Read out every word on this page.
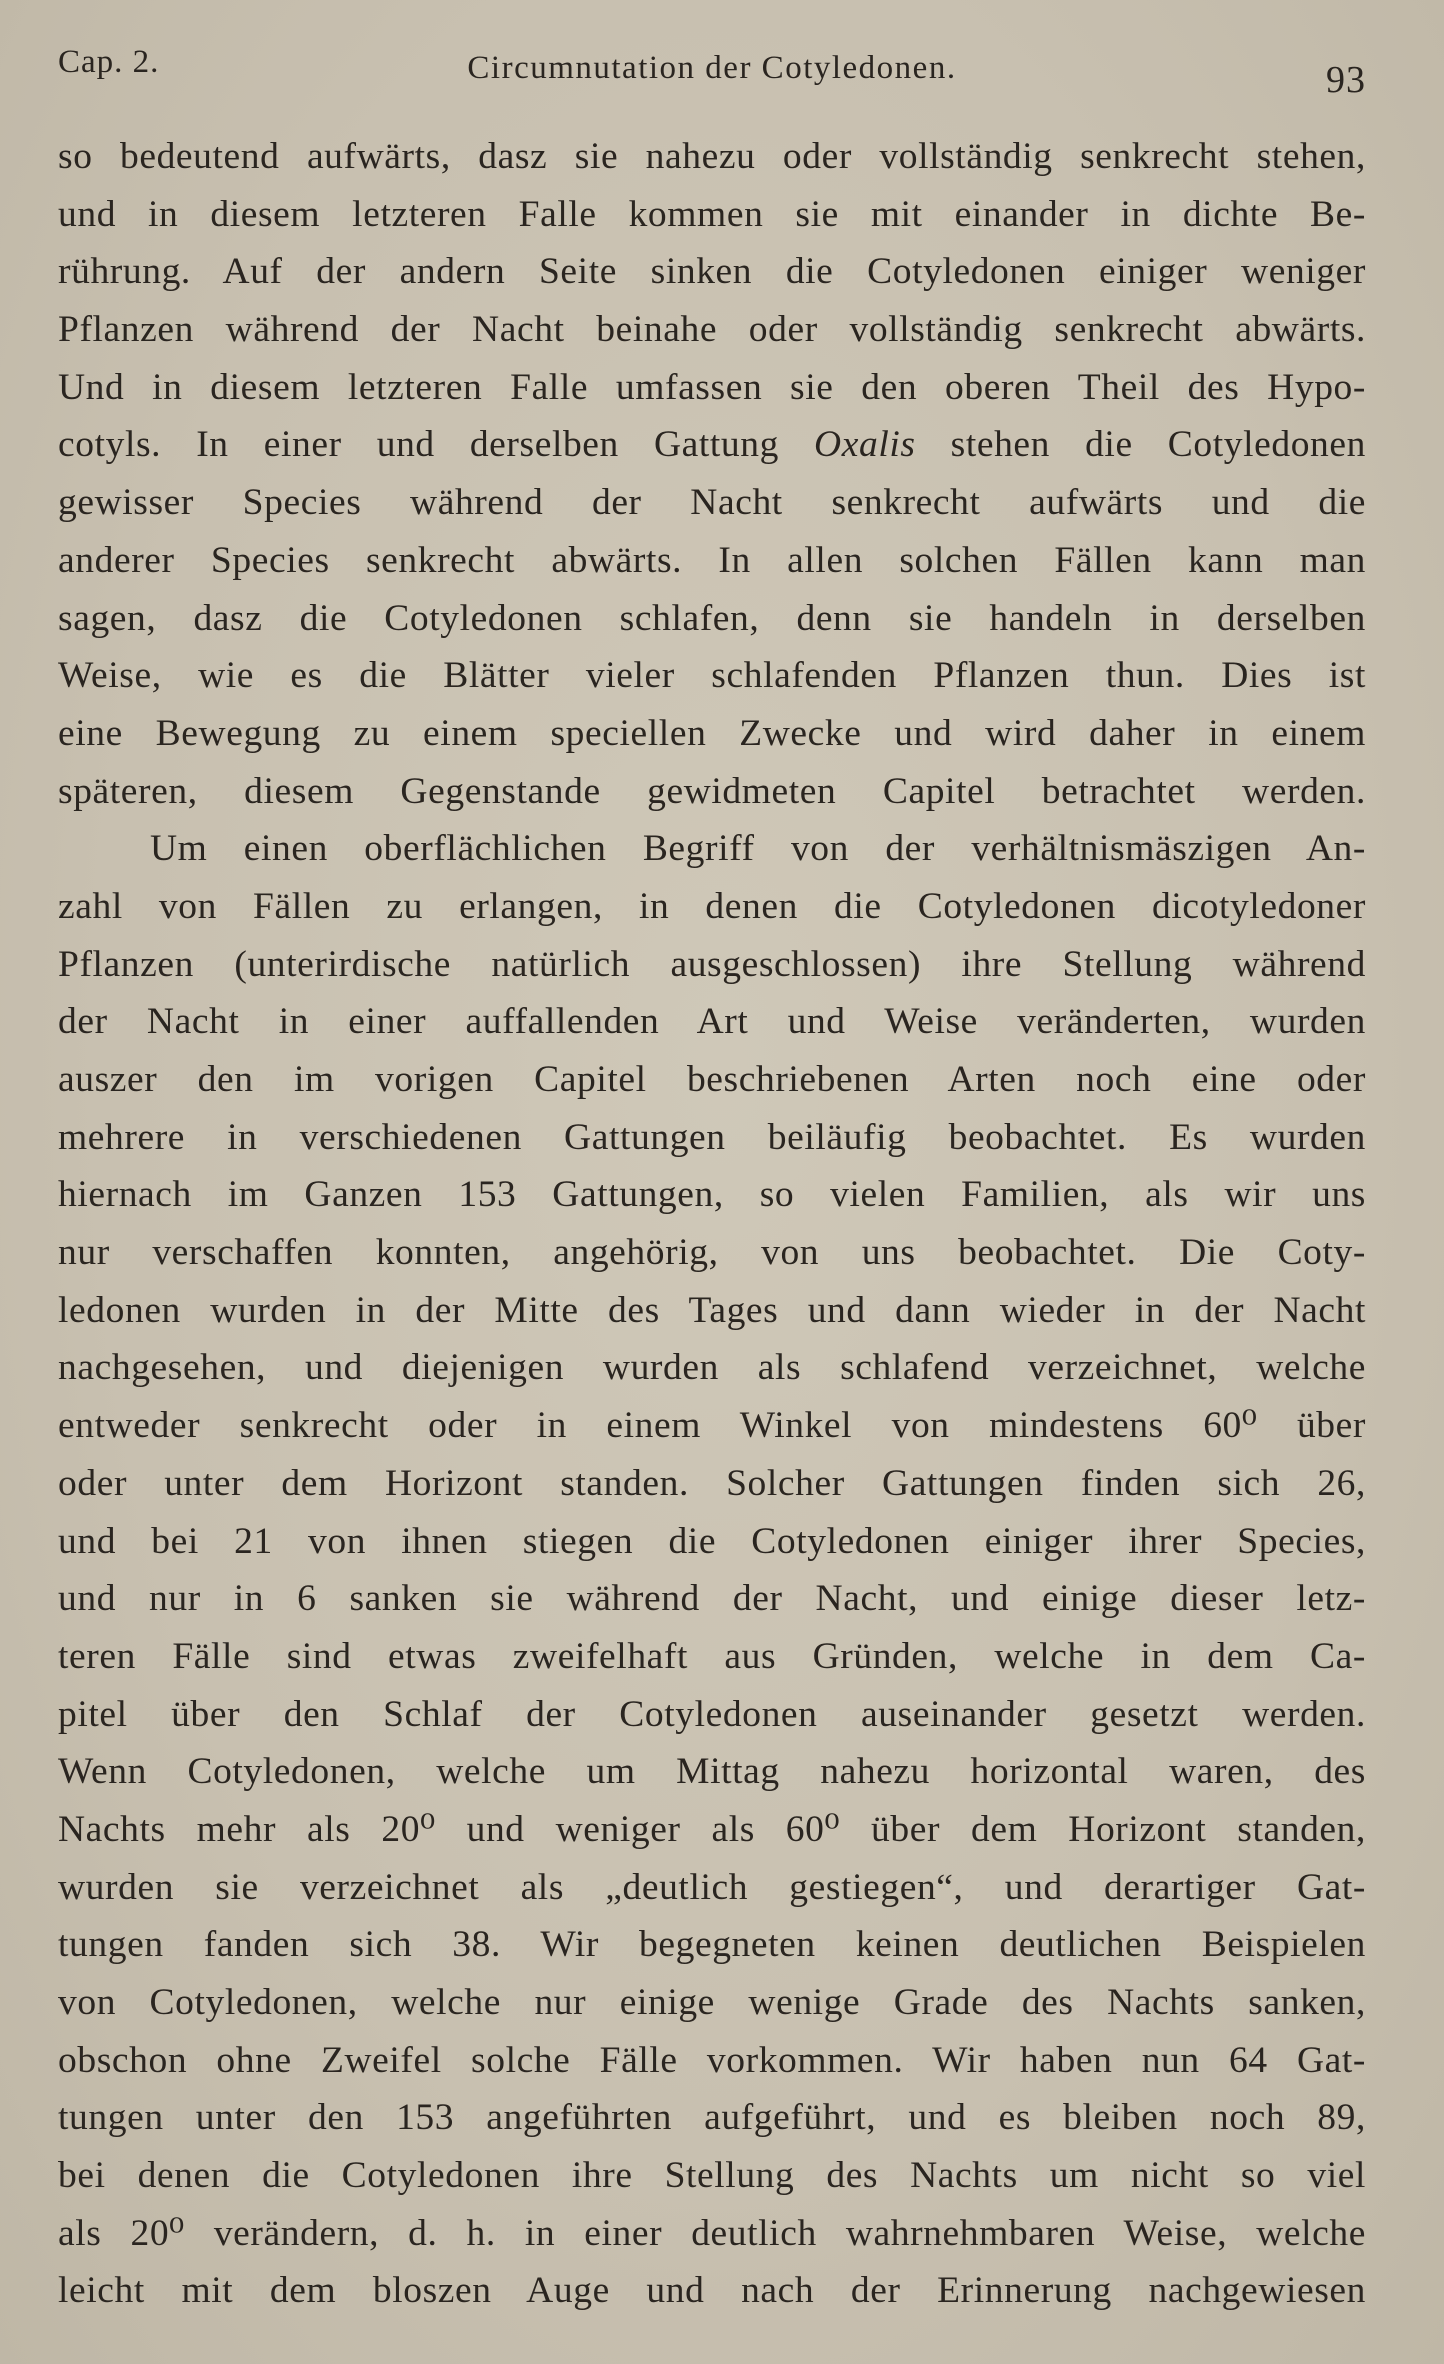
Cap. 2.	Circumnutation der Cotyledonen.	93
so bedeutend aufwärts, dasz sie nahezu oder vollständig senkrecht stehen,
und in diesem letzteren Falle kommen sie mit einander in dichte Be-
rührung. Auf der andern Seite sinken die Cotyledonen einiger weniger
Pflanzen während der Nacht beinahe oder vollständig senkrecht abwärts.
Und in diesem letzteren Falle umfassen sie den oberen Theil des Hypo-
cotyls. In einer und derselben Gattung Oxalis stehen die Cotyledonen
gewisser Species während der Nacht senkrecht aufwärts und die
anderer Species senkrecht abwärts. In allen solchen Fällen kann man
sagen, dasz die Cotyledonen schlafen, denn sie handeln in derselben
Weise, wie es die Blätter vieler schlafenden Pflanzen thun. Dies ist
eine Bewegung zu einem speciellen Zwecke und wird daher in einem
späteren, diesem Gegenstande gewidmeten Capitel betrachtet werden.
Um einen oberflächlichen Begriff von der verhältnismäszigen An-
zahl von Fällen zu erlangen, in denen die Cotyledonen dicotyledoner
Pflanzen (unterirdische natürlich ausgeschlossen) ihre Stellung während
der Nacht in einer auffallenden Art und Weise veränderten, wurden
auszer den im vorigen Capitel beschriebenen Arten noch eine oder
mehrere in verschiedenen Gattungen beiläufig beobachtet. Es wurden
hiernach im Ganzen 153 Gattungen, so vielen Familien, als wir uns
nur verschaffen konnten, angehörig, von uns beobachtet. Die Coty-
ledonen wurden in der Mitte des Tages und dann wieder in der Nacht
nachgesehen, und diejenigen wurden als schlafend verzeichnet, welche
entweder senkrecht oder in einem Winkel von mindestens 60⁰ über
oder unter dem Horizont standen. Solcher Gattungen finden sich 26,
und bei 21 von ihnen stiegen die Cotyledonen einiger ihrer Species,
und nur in 6 sanken sie während der Nacht, und einige dieser letz-
teren Fälle sind etwas zweifelhaft aus Gründen, welche in dem Ca-
pitel über den Schlaf der Cotyledonen auseinander gesetzt werden.
Wenn Cotyledonen, welche um Mittag nahezu horizontal waren, des
Nachts mehr als 20⁰ und weniger als 60⁰ über dem Horizont standen,
wurden sie verzeichnet als „deutlich gestiegen“, und derartiger Gat-
tungen fanden sich 38. Wir begegneten keinen deutlichen Beispielen
von Cotyledonen, welche nur einige wenige Grade des Nachts sanken,
obschon ohne Zweifel solche Fälle vorkommen. Wir haben nun 64 Gat-
tungen unter den 153 angeführten aufgeführt, und es bleiben noch 89,
bei denen die Cotyledonen ihre Stellung des Nachts um nicht so viel
als 20⁰ verändern, d. h. in einer deutlich wahrnehmbaren Weise, welche
leicht mit dem bloszen Auge und nach der Erinnerung nachgewiesen
